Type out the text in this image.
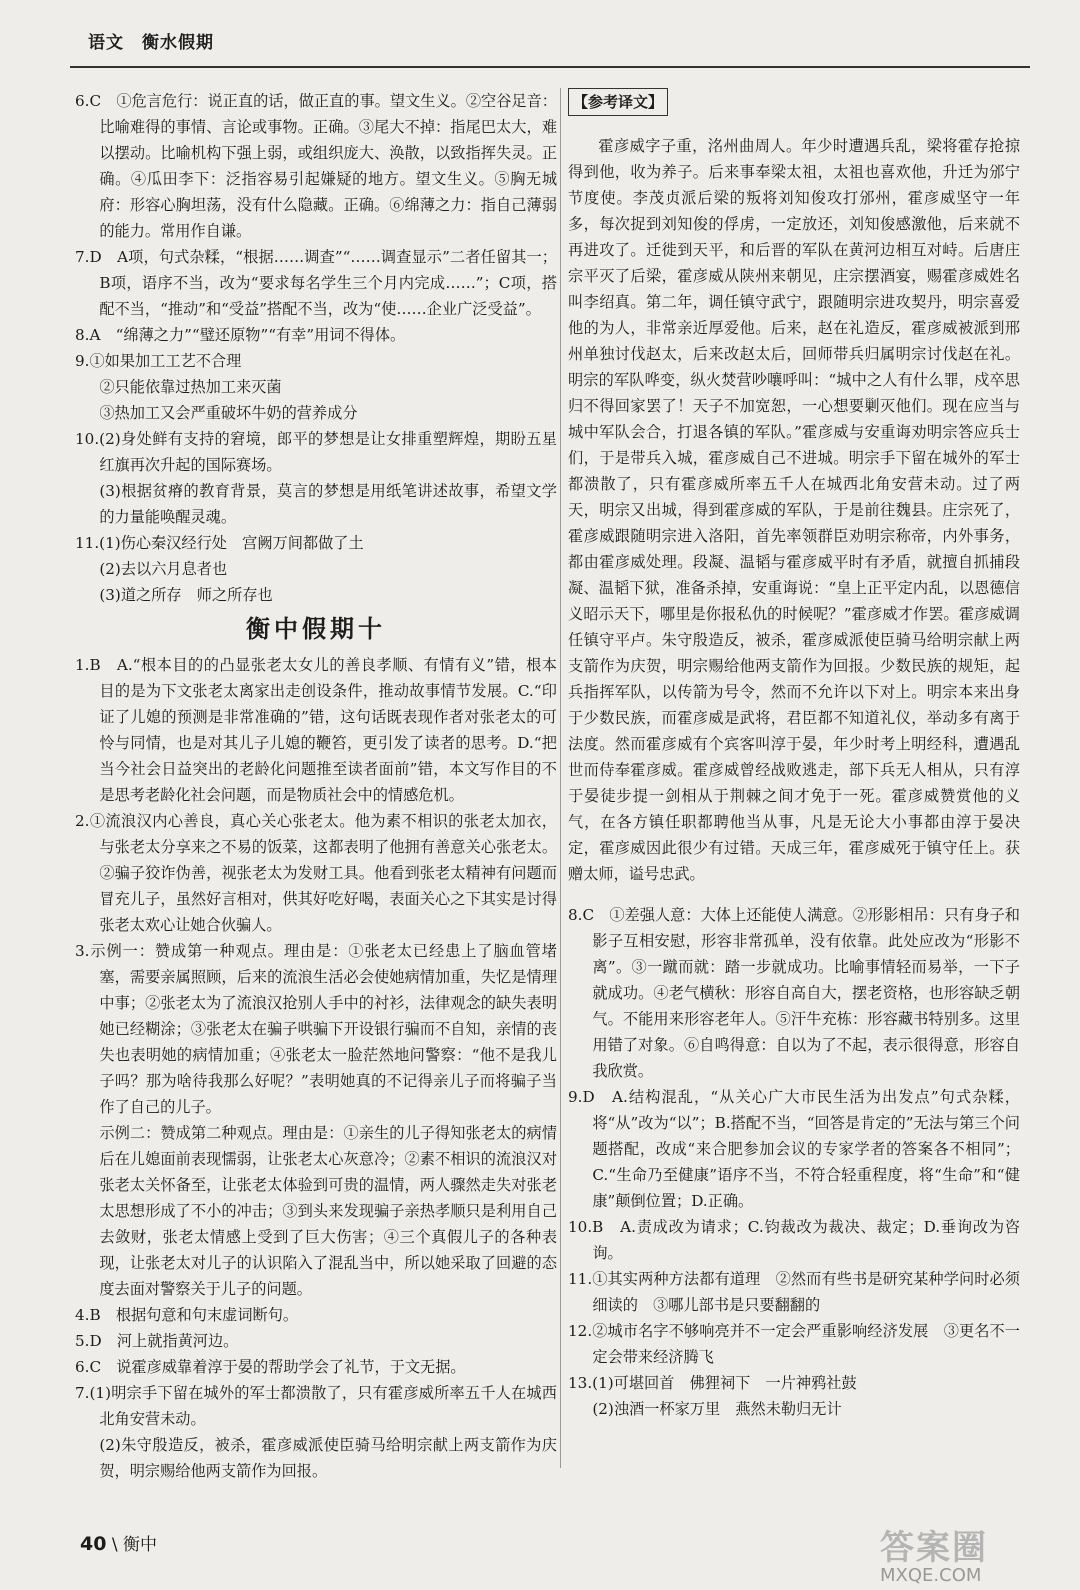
语文　衡水假期

6.C　①危言危行：说正直的话，做正直的事。望文生义。②空谷足音：比喻难得的事情、言论或事物。正确。③尾大不掉：指尾巴太大，难以摆动。比喻机构下强上弱，或组织庞大、涣散，以致指挥失灵。正确。④瓜田李下：泛指容易引起嫌疑的地方。望文生义。⑤胸无城府：形容心胸坦荡，没有什么隐藏。正确。⑥绵薄之力：指自己薄弱的能力。常用作自谦。

7.D　A项，句式杂糅，“根据……调查”“……调查显示”二者任留其一；B项，语序不当，改为“要求每名学生三个月内完成……”；C项，搭配不当，“推动”和“受益”搭配不当，改为“使……企业广泛受益”。

8.A　“绵薄之力”“璧还原物”“有幸”用词不得体。

9.①如果加工工艺不合理

②只能依靠过热加工来灭菌

③热加工又会严重破坏牛奶的营养成分

10.(2)身处鲜有支持的窘境，郎平的梦想是让女排重塑辉煌，期盼五星红旗再次升起的国际赛场。

(3)根据贫瘠的教育背景，莫言的梦想是用纸笔讲述故事，希望文学的力量能唤醒灵魂。

11.(1)伤心秦汉经行处　宫阙万间都做了土

(2)去以六月息者也

(3)道之所存　师之所存也

衡中假期十

1.B　A.“根本目的的凸显张老太女儿的善良孝顺、有情有义”错，根本目的是为下文张老太离家出走创设条件，推动故事情节发展。C.“印证了儿媳的预测是非常准确的”错，这句话既表现作者对张老太的可怜与同情，也是对其儿子儿媳的鞭笞，更引发了读者的思考。D.“把当今社会日益突出的老龄化问题推至读者面前”错，本文写作目的不是思考老龄化社会问题，而是物质社会中的情感危机。

2.①流浪汉内心善良，真心关心张老太。他为素不相识的张老太加衣，与张老太分享来之不易的饭菜，这都表明了他拥有善意关心张老太。②骗子狡诈伪善，视张老太为发财工具。他看到张老太精神有问题而冒充儿子，虽然好言相对，供其好吃好喝，表面关心之下其实是讨得张老太欢心让她合伙骗人。

3.示例一：赞成第一种观点。理由是：①张老太已经患上了脑血管堵塞，需要亲属照顾，后来的流浪生活必会使她病情加重，失忆是情理中事；②张老太为了流浪汉抢别人手中的衬衫，法律观念的缺失表明她已经糊涂；③张老太在骗子哄骗下开设银行骗而不自知，亲情的丧失也表明她的病情加重；④张老太一脸茫然地问警察：“他不是我儿子吗？那为啥待我那么好呢？”表明她真的不记得亲儿子而将骗子当作了自己的儿子。

示例二：赞成第二种观点。理由是：①亲生的儿子得知张老太的病情后在儿媳面前表现懦弱，让张老太心灰意冷；②素不相识的流浪汉对张老太关怀备至，让张老太体验到可贵的温情，两人骤然走失对张老太思想形成了不小的冲击；③到头来发现骗子亲热孝顺只是利用自己去敛财，张老太情感上受到了巨大伤害；④三个真假儿子的各种表现，让张老太对儿子的认识陷入了混乱当中，所以她采取了回避的态度去面对警察关于儿子的问题。

4.B　根据句意和句末虚词断句。

5.D　河上就指黄河边。

6.C　说霍彦威靠着淳于晏的帮助学会了礼节，于文无据。

7.(1)明宗手下留在城外的军士都溃散了，只有霍彦威所率五千人在城西北角安营未动。

(2)朱守殷造反，被杀，霍彦威派使臣骑马给明宗献上两支箭作为庆贺，明宗赐给他两支箭作为回报。

【参考译文】

霍彦威字子重，洺州曲周人。年少时遭遇兵乱，梁将霍存抢掠得到他，收为养子。后来事奉梁太祖，太祖也喜欢他，升迁为邠宁节度使。李茂贞派后梁的叛将刘知俊攻打邠州，霍彦威坚守一年多，每次捉到刘知俊的俘虏，一定放还，刘知俊感激他，后来就不再进攻了。迁徙到天平，和后晋的军队在黄河边相互对峙。后唐庄宗平灭了后梁，霍彦威从陕州来朝见，庄宗摆酒宴，赐霍彦威姓名叫李绍真。第二年，调任镇守武宁，跟随明宗进攻契丹，明宗喜爱他的为人，非常亲近厚爱他。后来，赵在礼造反，霍彦威被派到邢州单独讨伐赵太，后来改赵太后，回师带兵归属明宗讨伐赵在礼。明宗的军队哗变，纵火焚营吵嚷呼叫：“城中之人有什么罪，戍卒思归不得回家罢了！天子不加宽恕，一心想要剿灭他们。现在应当与城中军队会合，打退各镇的军队。”霍彦威与安重诲劝明宗答应兵士们，于是带兵入城，霍彦威自己不进城。明宗手下留在城外的军士都溃散了，只有霍彦威所率五千人在城西北角安营未动。过了两天，明宗又出城，得到霍彦威的军队，于是前往魏县。庄宗死了，霍彦威跟随明宗进入洛阳，首先率领群臣劝明宗称帝，内外事务，都由霍彦威处理。段凝、温韬与霍彦威平时有矛盾，就擅自抓捕段凝、温韬下狱，准备杀掉，安重诲说：“皇上正平定内乱，以恩德信义昭示天下，哪里是你报私仇的时候呢？”霍彦威才作罢。霍彦威调任镇守平卢。朱守殷造反，被杀，霍彦威派使臣骑马给明宗献上两支箭作为庆贺，明宗赐给他两支箭作为回报。少数民族的规矩，起兵指挥军队，以传箭为号令，然而不允许以下对上。明宗本来出身于少数民族，而霍彦威是武将，君臣都不知道礼仪，举动多有离于法度。然而霍彦威有个宾客叫淳于晏，年少时考上明经科，遭遇乱世而侍奉霍彦威。霍彦威曾经战败逃走，部下兵无人相从，只有淳于晏徒步提一剑相从于荆棘之间才免于一死。霍彦威赞赏他的义气，在各方镇任职都聘他当从事，凡是无论大小事都由淳于晏决定，霍彦威因此很少有过错。天成三年，霍彦威死于镇守任上。获赠太师，谥号忠武。

8.C　①差强人意：大体上还能使人满意。②形影相吊：只有身子和影子互相安慰，形容非常孤单，没有依靠。此处应改为“形影不离”。③一蹴而就：踏一步就成功。比喻事情轻而易举，一下子就成功。④老气横秋：形容自高自大，摆老资格，也形容缺乏朝气。不能用来形容老年人。⑤汗牛充栋：形容藏书特别多。这里用错了对象。⑥自鸣得意：自以为了不起，表示很得意，形容自我欣赏。

9.D　A.结构混乱，“从关心广大市民生活为出发点”句式杂糅，将“从”改为“以”；B.搭配不当，“回答是肯定的”无法与第三个问题搭配，改成“来合肥参加会议的专家学者的答案各不相同”；C.“生命乃至健康”语序不当，不符合轻重程度，将“生命”和“健康”颠倒位置；D.正确。

10.B　A.责成改为请求；C.钧裁改为裁决、裁定；D.垂询改为咨询。

11.①其实两种方法都有道理　②然而有些书是研究某种学问时必须细读的　③哪儿部书是只要翻翻的

12.②城市名字不够响亮并不一定会严重影响经济发展　③更名不一定会带来经济腾飞

13.(1)可堪回首　佛狸祠下　一片神鸦社鼓

(2)浊酒一杯家万里　燕然未勒归无计

40 \ 衡中	答案圈
MXQE.COM
